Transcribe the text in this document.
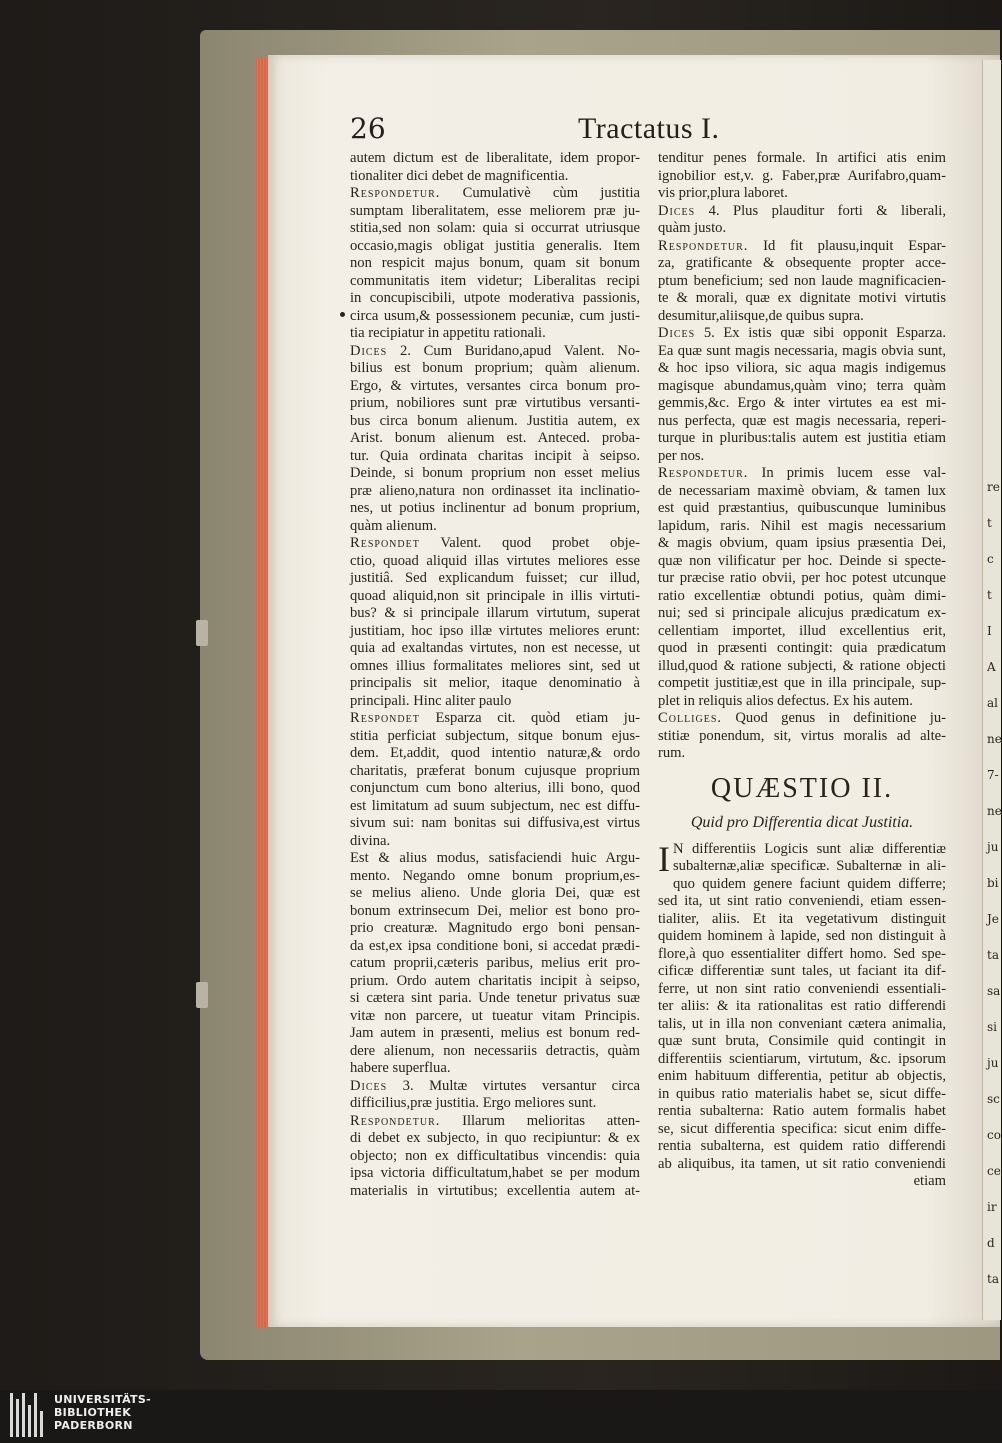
re
t
c
t
I
A
al
ne
7-
ne
ju
bi
Je
ta
sa
si
ju
sc
co
ce
ir
d
ta
26	Tractatus I.
autem dictum est de liberalitate, idem propor-
tionaliter dici debet de magnificentia.
Respondetur. Cumulativè cùm justitia
sumptam liberalitatem, esse meliorem præ ju-
stitia,sed non solam: quia si occurrat utriusque
occasio,magis obligat justitia generalis. Item
non respicit majus bonum, quam sit bonum
communitatis item videtur; Liberalitas recipi
in concupiscibili, utpote moderativa passionis,
circa usum,& possessionem pecuniæ, cum justi-
tia recipiatur in appetitu rationali.
Dices 2. Cum Buridano,apud Valent. No-
bilius est bonum proprium; quàm alienum.
Ergo, & virtutes, versantes circa bonum pro-
prium, nobiliores sunt præ virtutibus versanti-
bus circa bonum alienum. Justitia autem, ex
Arist. bonum alienum est. Anteced. proba-
tur. Quia ordinata charitas incipit à seipso.
Deinde, si bonum proprium non esset melius
præ alieno,natura non ordinasset ita inclinatio-
nes, ut potius inclinentur ad bonum proprium,
quàm alienum.
Respondet Valent. quod probet obje-
ctio, quoad aliquid illas virtutes meliores esse
justitiâ. Sed explicandum fuisset; cur illud,
quoad aliquid,non sit principale in illis virtuti-
bus? & si principale illarum virtutum, superat
justitiam, hoc ipso illæ virtutes meliores erunt:
quia ad exaltandas virtutes, non est necesse, ut
omnes illius formalitates meliores sint, sed ut
principalis sit melior, itaque denominatio à
principali. Hinc aliter paulo
Respondet Esparza cit. quòd etiam ju-
stitia perficiat subjectum, sitque bonum ejus-
dem. Et,addit, quod intentio naturæ,& ordo
charitatis, præferat bonum cujusque proprium
conjunctum cum bono alterius, illi bono, quod
est limitatum ad suum subjectum, nec est diffu-
sivum sui: nam bonitas sui diffusiva,est virtus
divina.
Est & alius modus, satisfaciendi huic Argu-
mento. Negando omne bonum proprium,es-
se melius alieno. Unde gloria Dei, quæ est
bonum extrinsecum Dei, melior est bono pro-
prio creaturæ. Magnitudo ergo boni pensan-
da est,ex ipsa conditione boni, si accedat prædi-
catum proprii,cæteris paribus, melius erit pro-
prium. Ordo autem charitatis incipit à seipso,
si cætera sint paria. Unde tenetur privatus suæ
vitæ non parcere, ut tueatur vitam Principis.
Jam autem in præsenti, melius est bonum red-
dere alienum, non necessariis detractis, quàm
habere superflua.
Dices 3. Multæ virtutes versantur circa
difficilius,præ justitia. Ergo meliores sunt.
Respondetur. Illarum melioritas atten-
di debet ex subjecto, in quo recipiuntur: & ex
objecto; non ex difficultatibus vincendis: quia
ipsa victoria difficultatum,habet se per modum
materialis in virtutibus; excellentia autem at-
tenditur penes formale. In artifici atis enim
ignobilior est,v. g. Faber,præ Aurifabro,quam-
vis prior,plura laboret.
Dices 4. Plus plauditur forti & liberali,
quàm justo.
Respondetur. Id fit plausu,inquit Espar-
za, gratificante & obsequente propter acce-
ptum beneficium; sed non laude magnificacien-
te & morali, quæ ex dignitate motivi virtutis
desumitur,aliisque,de quibus supra.
Dices 5. Ex istis quæ sibi opponit Esparza.
Ea quæ sunt magis necessaria, magis obvia sunt,
& hoc ipso viliora, sic aqua magis indigemus
magisque abundamus,quàm vino; terra quàm
gemmis,&c. Ergo & inter virtutes ea est mi-
nus perfecta, quæ est magis necessaria, reperi-
turque in pluribus:talis autem est justitia etiam
per nos.
Respondetur. In primis lucem esse val-
de necessariam maximè obviam, & tamen lux
est quid præstantius, quibuscunque luminibus
lapidum, raris. Nihil est magis necessarium
& magis obvium, quam ipsius præsentia Dei,
quæ non vilificatur per hoc. Deinde si specte-
tur præcise ratio obvii, per hoc potest utcunque
ratio excellentiæ obtundi potius, quàm dimi-
nui; sed si principale alicujus prædicatum ex-
cellentiam importet, illud excellentius erit,
quod in præsenti contingit: quia prædicatum
illud,quod & ratione subjecti, & ratione objecti
competit justitiæ,est que in illa principale, sup-
plet in reliquis alios defectus. Ex his autem.
Colliges. Quod genus in definitione ju-
stitiæ ponendum, sit, virtus moralis ad alte-
rum.
QUÆSTIO II.
Quid pro Differentia dicat Justitia.
I N differentiis Logicis sunt aliæ differentiæ
subalternæ,aliæ specificæ. Subalternæ in ali-
quo quidem genere faciunt quidem differre;
sed ita, ut sint ratio conveniendi, etiam essen-
tialiter, aliis. Et ita vegetativum distinguit
quidem hominem à lapide, sed non distinguit à
flore,à quo essentialiter differt homo. Sed spe-
cificæ differentiæ sunt tales, ut faciant ita dif-
ferre, ut non sint ratio conveniendi essentiali-
ter aliis: & ita rationalitas est ratio differendi
talis, ut in illa non conveniant cætera animalia,
quæ sunt bruta, Consimile quid contingit in
differentiis scientiarum, virtutum, &c. ipsorum
enim habituum differentia, petitur ab objectis,
in quibus ratio materialis habet se, sicut diffe-
rentia subalterna: Ratio autem formalis habet
se, sicut differentia specifica: sicut enim diffe-
rentia subalterna, est quidem ratio differendi
ab aliquibus, ita tamen, ut sit ratio conveniendi
etiam
UNIVERSITÄTS-
BIBLIOTHEK
PADERBORN
